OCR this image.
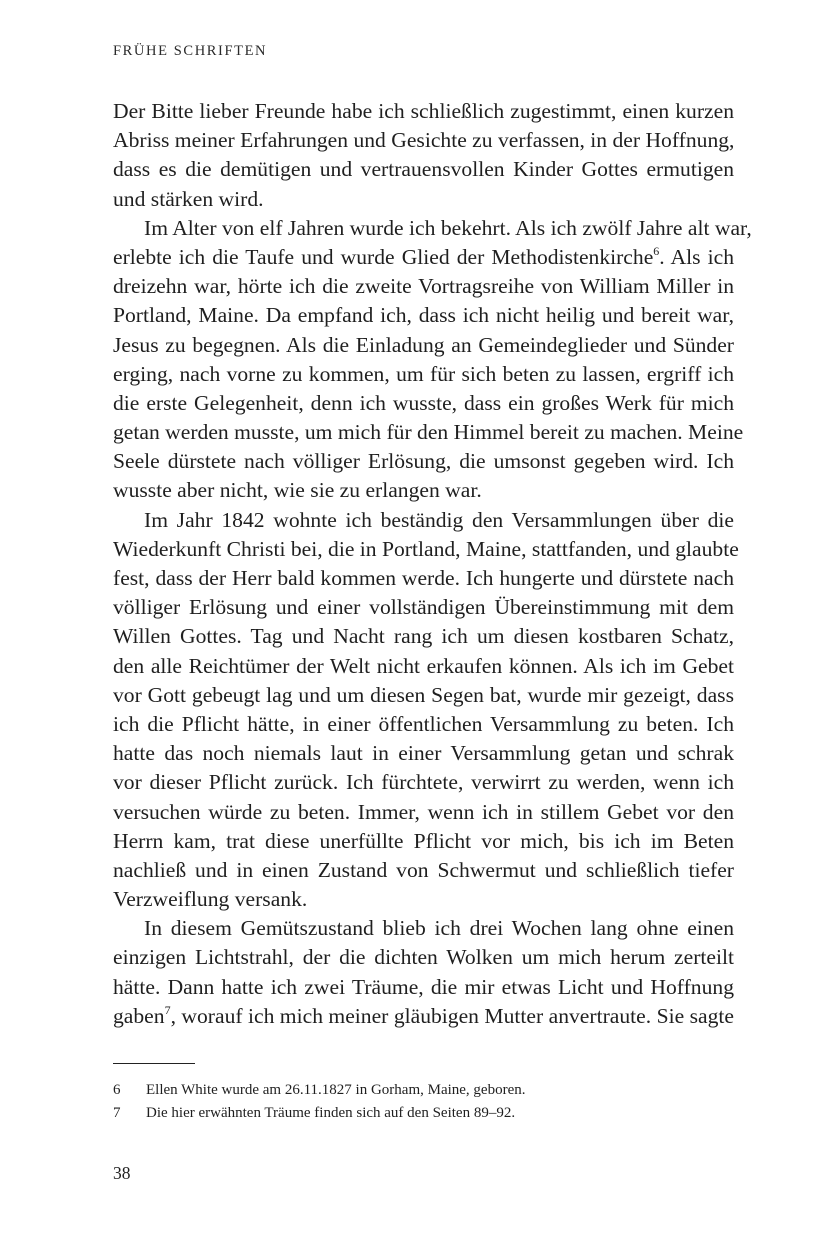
FRÜHE SCHRIFTEN
Der Bitte lieber Freunde habe ich schließlich zugestimmt, einen kurzen
Abriss meiner Erfahrungen und Gesichte zu verfassen, in der Hoffnung,
dass es die demütigen und vertrauensvollen Kinder Gottes ermutigen
und stärken wird.
Im Alter von elf Jahren wurde ich bekehrt. Als ich zwölf Jahre alt war,
erlebte ich die Taufe und wurde Glied der Methodistenkirche$^6$. Als ich
dreizehn war, hörte ich die zweite Vortragsreihe von William Miller in
Portland, Maine. Da empfand ich, dass ich nicht heilig und bereit war,
Jesus zu begegnen. Als die Einladung an Gemeindeglieder und Sünder
erging, nach vorne zu kommen, um für sich beten zu lassen, ergriff ich
die erste Gelegenheit, denn ich wusste, dass ein großes Werk für mich
getan werden musste, um mich für den Himmel bereit zu machen. Meine
Seele dürstete nach völliger Erlösung, die umsonst gegeben wird. Ich
wusste aber nicht, wie sie zu erlangen war.
Im Jahr 1842 wohnte ich beständig den Versammlungen über die
Wiederkunft Christi bei, die in Portland, Maine, stattfanden, und glaubte
fest, dass der Herr bald kommen werde. Ich hungerte und dürstete nach
völliger Erlösung und einer vollständigen Übereinstimmung mit dem
Willen Gottes. Tag und Nacht rang ich um diesen kostbaren Schatz,
den alle Reichtümer der Welt nicht erkaufen können. Als ich im Gebet
vor Gott gebeugt lag und um diesen Segen bat, wurde mir gezeigt, dass
ich die Pflicht hätte, in einer öffentlichen Versammlung zu beten. Ich
hatte das noch niemals laut in einer Versammlung getan und schrak
vor dieser Pflicht zurück. Ich fürchtete, verwirrt zu werden, wenn ich
versuchen würde zu beten. Immer, wenn ich in stillem Gebet vor den
Herrn kam, trat diese unerfüllte Pflicht vor mich, bis ich im Beten
nachließ und in einen Zustand von Schwermut und schließlich tiefer
Verzweiflung versank.
In diesem Gemütszustand blieb ich drei Wochen lang ohne einen
einzigen Lichtstrahl, der die dichten Wolken um mich herum zerteilt
hätte. Dann hatte ich zwei Träume, die mir etwas Licht und Hoffnung
gaben$^7$, worauf ich mich meiner gläubigen Mutter anvertraute. Sie sagte
6 Ellen White wurde am 26.11.1827 in Gorham, Maine, geboren.
7 Die hier erwähnten Träume finden sich auf den Seiten 89–92.
38
